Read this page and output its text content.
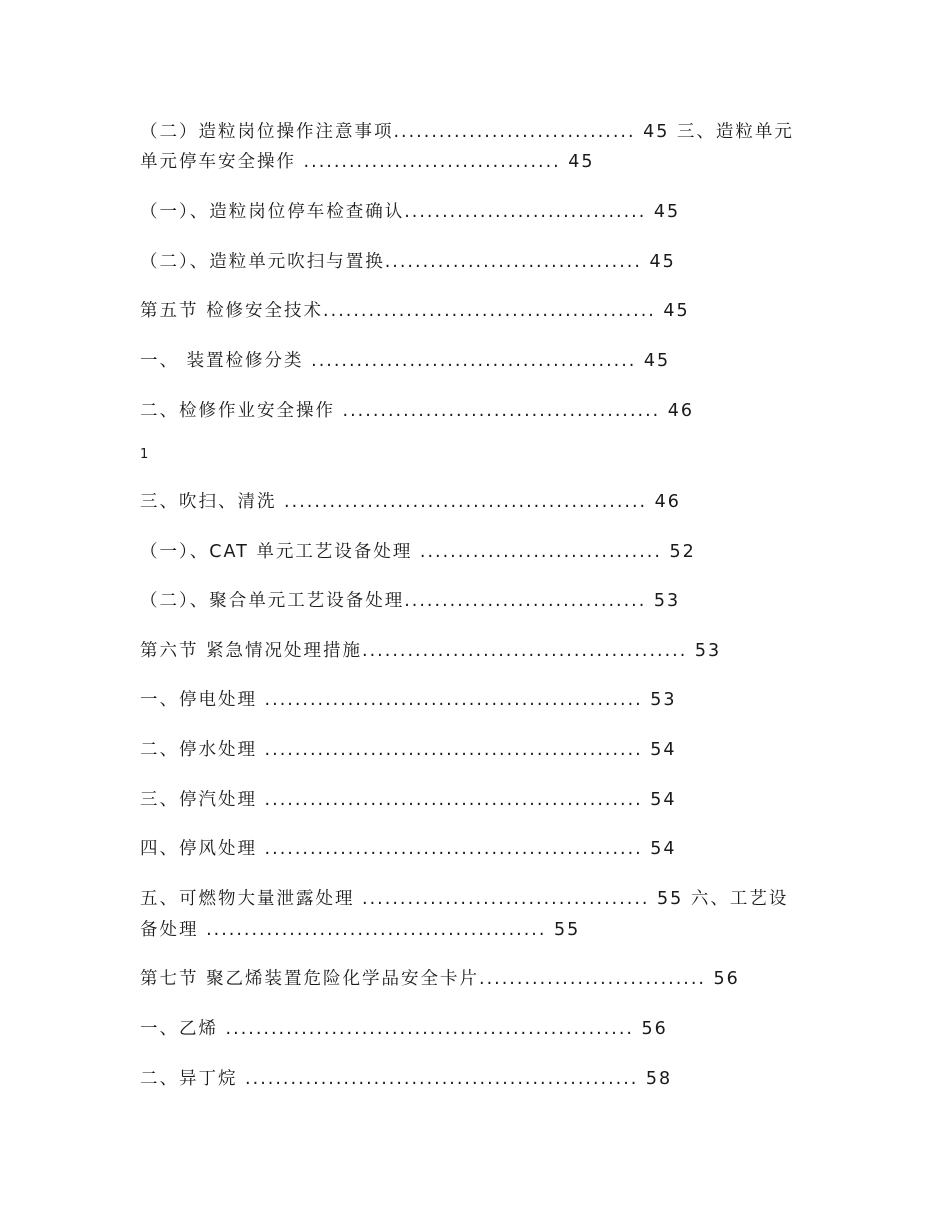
（二）造粒岗位操作注意事项................................ 45 三、造粒单元
单元停车安全操作 .................................. 45
（一）、造粒岗位停车检查确认................................ 45
（二）、造粒单元吹扫与置换.................................. 45
第五节 检修安全技术............................................ 45
一、 装置检修分类 ........................................... 45
二、检修作业安全操作 .......................................... 46
1
三、吹扫、清洗 ................................................ 46
（一）、CAT 单元工艺设备处理 ................................ 52
（二）、聚合单元工艺设备处理................................ 53
第六节 紧急情况处理措施........................................... 53
一、停电处理 .................................................. 53
二、停水处理 .................................................. 54
三、停汽处理 .................................................. 54
四、停风处理 .................................................. 54
五、可燃物大量泄露处理 ...................................... 55 六、工艺设
备处理 ............................................. 55
第七节 聚乙烯装置危险化学品安全卡片.............................. 56
一、乙烯 ...................................................... 56
二、异丁烷 .................................................... 58
